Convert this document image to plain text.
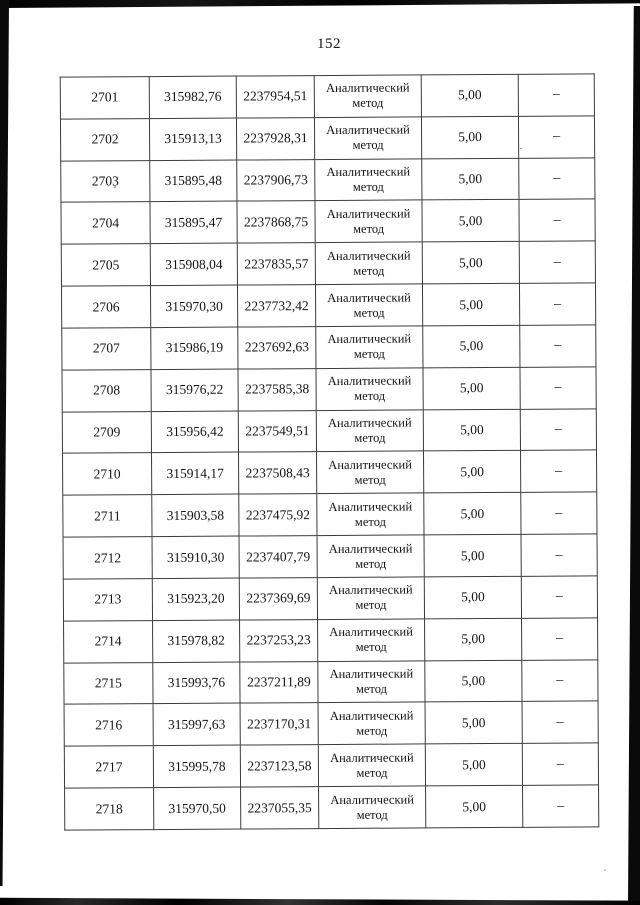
152
2701	315982,76	2237954,51	Аналитический метод	5,00	–
2702	315913,13	2237928,31	Аналитический метод	5,00	–
2703	315895,48	2237906,73	Аналитический метод	5,00	–
2704	315895,47	2237868,75	Аналитический метод	5,00	–
2705	315908,04	2237835,57	Аналитический метод	5,00	–
2706	315970,30	2237732,42	Аналитический метод	5,00	–
2707	315986,19	2237692,63	Аналитический метод	5,00	–
2708	315976,22	2237585,38	Аналитический метод	5,00	–
2709	315956,42	2237549,51	Аналитический метод	5,00	–
2710	315914,17	2237508,43	Аналитический метод	5,00	–
2711	315903,58	2237475,92	Аналитический метод	5,00	–
2712	315910,30	2237407,79	Аналитический метод	5,00	–
2713	315923,20	2237369,69	Аналитический метод	5,00	–
2714	315978,82	2237253,23	Аналитический метод	5,00	–
2715	315993,76	2237211,89	Аналитический метод	5,00	–
2716	315997,63	2237170,31	Аналитический метод	5,00	–
2717	315995,78	2237123,58	Аналитический метод	5,00	–
2718	315970,50	2237055,35	Аналитический метод	5,00	–
